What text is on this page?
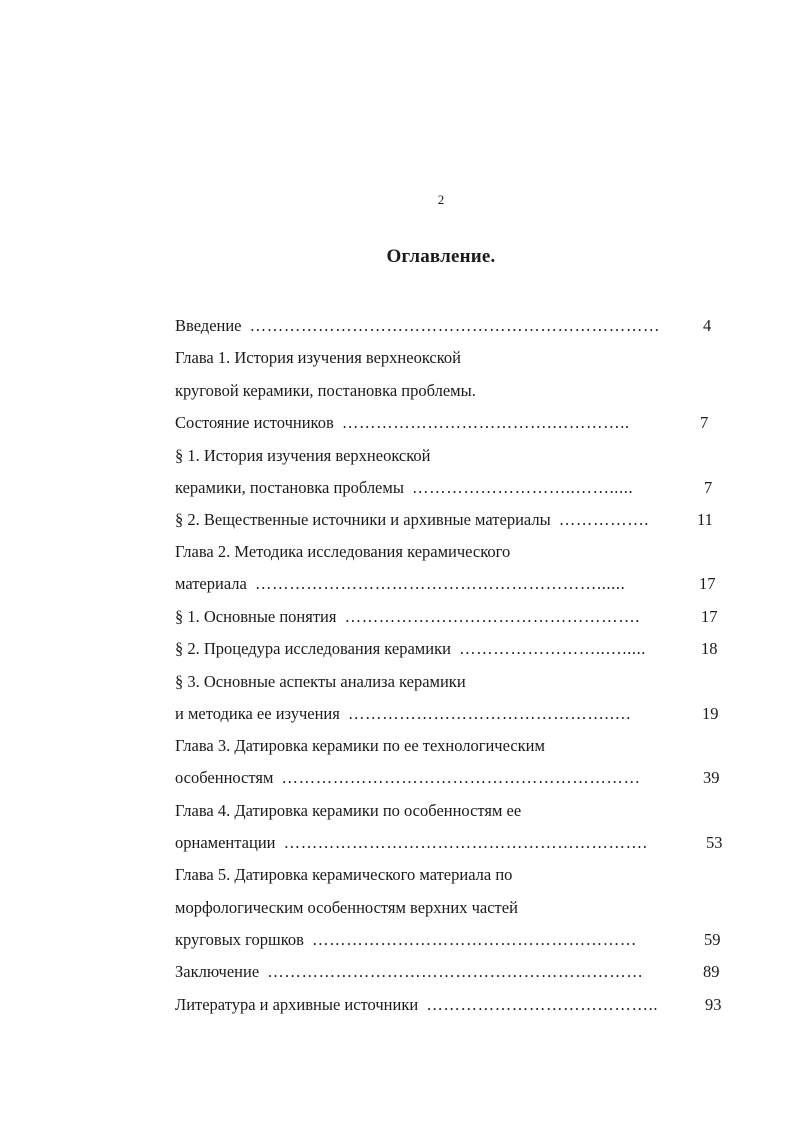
2
Оглавление.
Введение ………………………………………………………………	4
Глава 1. История изучения верхнеокской
круговой керамики, постановка проблемы.
Состояние источников ……………………………….…………..	7
§ 1. История изучения верхнеокской
керамики, постановка проблемы ………………………..…….....	7
§ 2. Вещественные источники и архивные материалы …………….	11
Глава 2. Методика исследования керамического
материала ……………………………………………………......	17
§ 1. Основные понятия …………………………………………….	17
§ 2. Процедура исследования керамики ……………………..….....	18
§ 3. Основные аспекты анализа керамики
и методика ее изучения ……………………………………….….	19
Глава 3. Датировка керамики по ее технологическим
особенностям ………………………………………………………	39
Глава 4. Датировка керамики по особенностям ее
орнаментации ……………………………………………………….	53
Глава 5. Датировка керамического материала по
морфологическим особенностям верхних частей
круговых горшков …………………………………………………	59
Заключение …………………………………………………………	89
Литература и архивные источники …………………………………..	93
